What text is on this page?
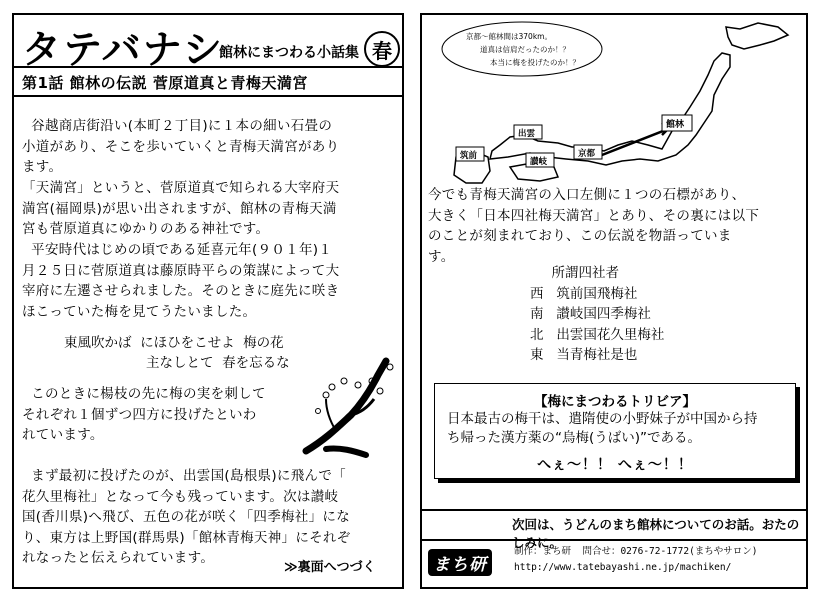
タテバナシ
館林にまつわる小話集 春
第1話 館林の伝説 菅原道真と青梅天満宮
谷越商店街沿い(本町２丁目)に１本の細い石畳の
小道があり、そこを歩いていくと青梅天満宮があり
ます。
「天満宮」というと、菅原道真で知られる大宰府天
満宮(福岡県)が思い出されますが、館林の青梅天満
宮も菅原道真にゆかりのある神社です。
平安時代はじめの頃である延喜元年(９０１年)１
月２５日に菅原道真は藤原時平らの策謀によって大
宰府に左遷させられました。そのときに庭先に咲き
ほこっていた梅を見てうたいました。
東風吹かば  にほひをこせよ  梅の花
主なしとて  春を忘るな
このときに楊枝の先に梅の実を刺して
それぞれ１個ずつ四方に投げたといわ
れています。
まず最初に投げたのが、出雲国(島根県)に飛んで「
花久里梅社」となって今も残っています。次は讃岐
国(香川県)へ飛び、五色の花が咲く「四季梅社」にな
り、東方は上野国(群馬県)「館林青梅天神」にそれぞ
れなったと伝えられています。
≫裏面へつづく
京都～館林間は370km。
道真は信肩だったのか！？
本当に梅を投げたのか！？
出雲
筑前
讃岐
京都
館林
今でも青梅天満宮の入口左側に１つの石標があり、
大きく「日本四社梅天満宮」とあり、その裏には以下
のことが刻まれており、この伝説を物語っていま
す。
所謂四社者
西   筑前国飛梅社
南   讃岐国四季梅社
北   出雲国花久里梅社
東   当青梅社是也
【梅にまつわるトリビア】
日本最古の梅干は、遣隋使の小野妹子が中国から持
ち帰った漢方薬の“烏梅(うばい)”である。
へぇ～！！ へぇ～！！
次回は、うどんのまち館林についてのお話。おたのしみに。
まち研
制作：まち研  問合せ：0276-72-1772(まちやサロン)
http://www.tatebayashi.ne.jp/machiken/
